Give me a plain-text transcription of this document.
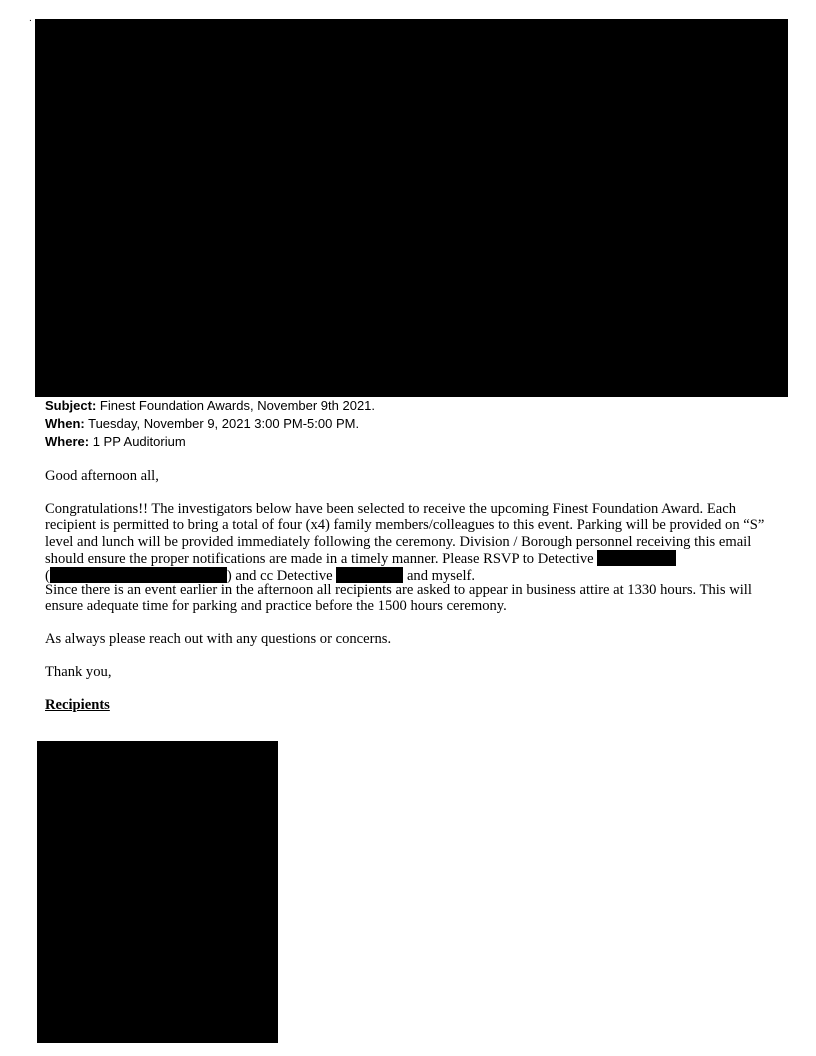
.
Subject: Finest Foundation Awards, November 9th 2021.
When: Tuesday, November 9, 2021 3:00 PM-5:00 PM.
Where: 1 PP Auditorium
Good afternoon all,
Congratulations!! The investigators below have been selected to receive the upcoming Finest Foundation Award. Each
recipient is permitted to bring a total of four (x4) family members/colleagues to this event. Parking will be provided on “S”
level and lunch will be provided immediately following the ceremony. Division / Borough personnel receiving this email
should ensure the proper notifications are made in a timely manner. Please RSVP to Detective
(	) and cc Detective	and myself.
Since there is an event earlier in the afternoon all recipients are asked to appear in business attire at 1330 hours. This will
ensure adequate time for parking and practice before the 1500 hours ceremony.
As always please reach out with any questions or concerns.
Thank you,
Recipients
